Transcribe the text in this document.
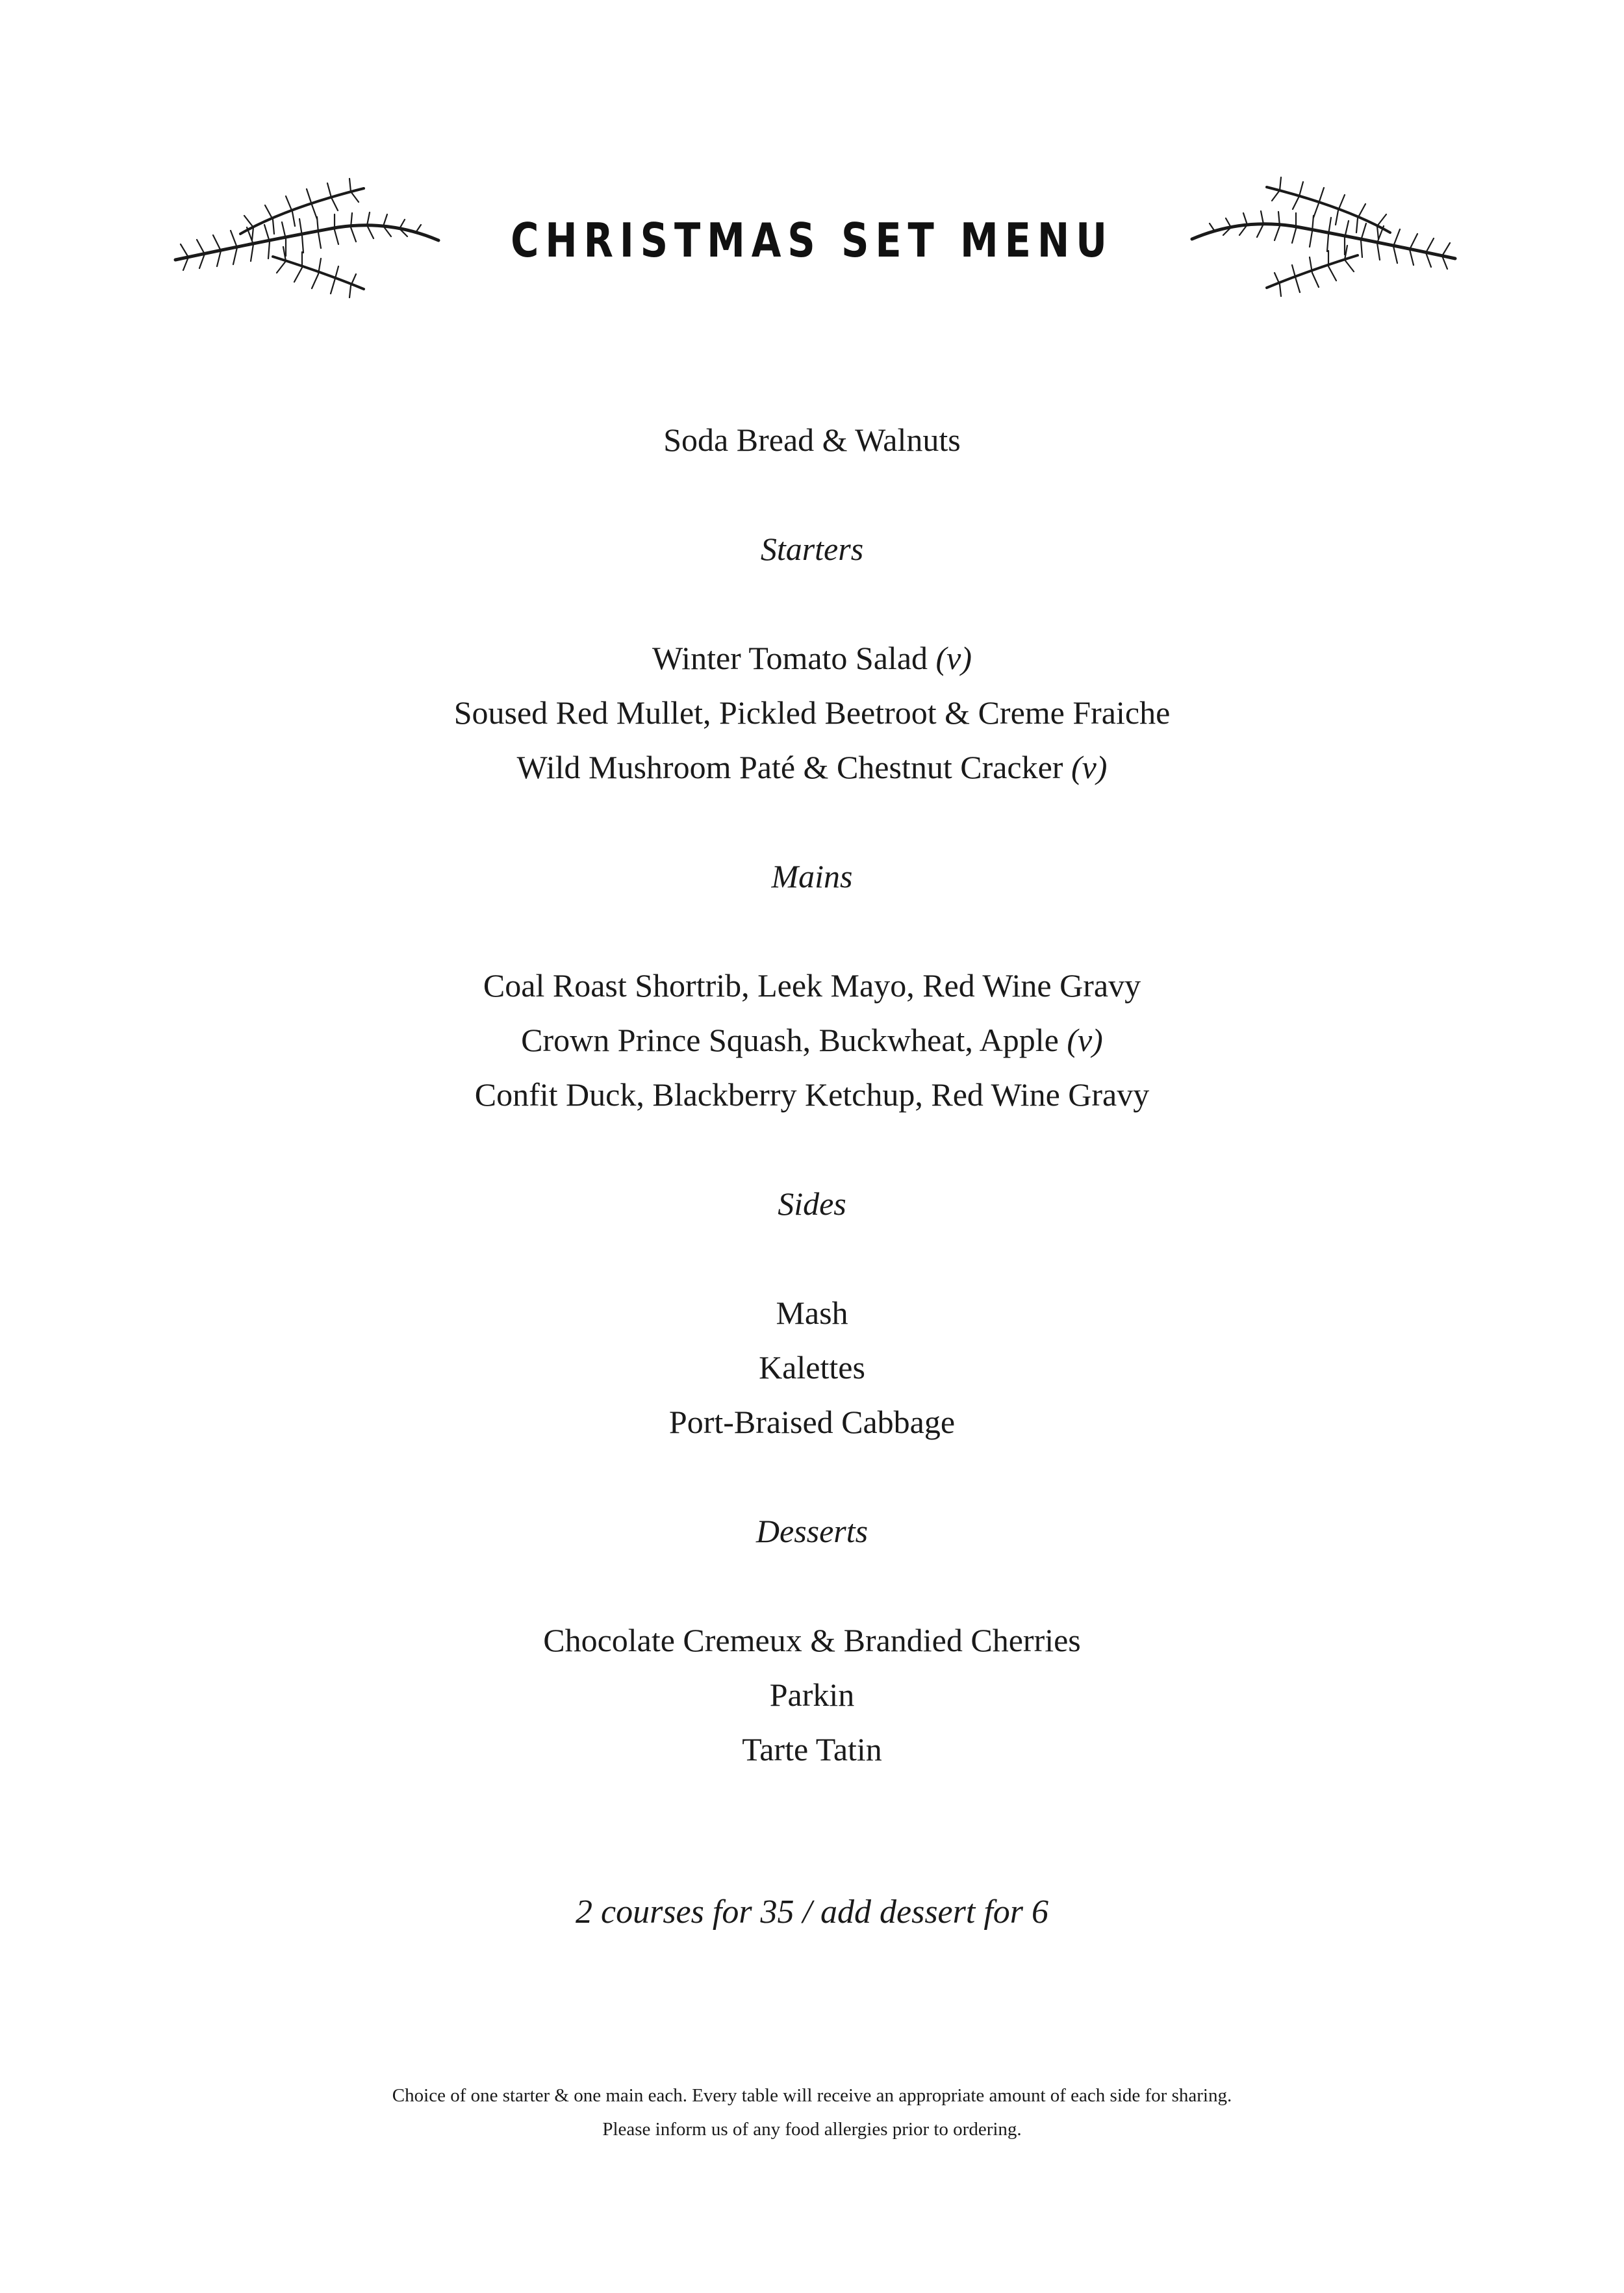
CHRISTMAS SET MENU
Soda Bread & Walnuts
Starters
Winter Tomato Salad (v)
Soused Red Mullet, Pickled Beetroot & Creme Fraiche
Wild Mushroom Paté & Chestnut Cracker (v)
Mains
Coal Roast Shortrib, Leek Mayo, Red Wine Gravy
Crown Prince Squash, Buckwheat, Apple (v)
Confit Duck, Blackberry Ketchup, Red Wine Gravy
Sides
Mash
Kalettes
Port-Braised Cabbage
Desserts
Chocolate Cremeux & Brandied Cherries
Parkin
Tarte Tatin
2 courses for 35 / add dessert for 6
Choice of one starter & one main each. Every table will receive an appropriate amount of each side for sharing.
Please inform us of any food allergies prior to ordering.
